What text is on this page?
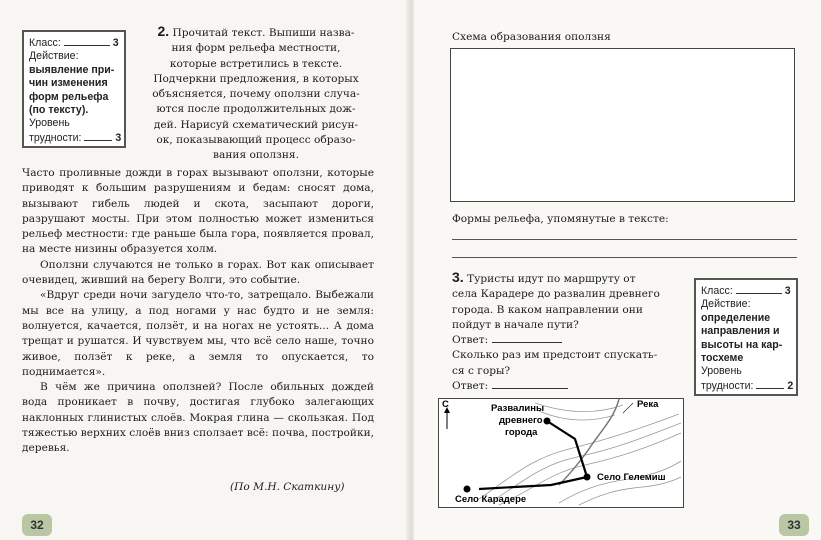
Класс:	3
Действие:
выявление при-
чин изменения
форм рельефа
(по тексту).
Уровень
трудности:	3
2. Прочитай текст. Выпиши назва-
ния форм рельефа местности,
которые встретились в тексте.
Подчеркни предложения, в которых
объясняется, почему оползни случа-
ются после продолжительных дож-
дей. Нарисуй схематический рисун-
ок, показывающий процесс образо-
вания оползня.

Часто проливные дожди в горах вызывают оползни, которые приводят к большим разрушениям и бедам: сносят дома, вызывают гибель людей и скота, засыпают дороги, разрушают мосты. При этом полностью может измениться рельеф местности: где раньше была гора, появляется провал, на месте низины образуется холм.

Оползни случаются не только в горах. Вот как описывает очевидец, живший на берегу Волги, это событие.

«Вдруг среди ночи загудело что-то, затрещало. Выбежали мы все на улицу, а под ногами у нас будто и не земля: волнуется, качается, ползёт, и на ногах не устоять... А дома трещат и рушатся. И чувствуем мы, что всё село наше, точно живое, ползёт к реке, а земля то опускается, то поднимается».

В чём же причина оползней? После обильных дождей вода проникает в почву, достигая глубоко залегающих наклонных глинистых слоёв. Мокрая глина — скользкая. Под тяжестью верхних слоёв вниз сползает всё: почва, постройки, деревья.

(По М.Н. Скаткину)
32
Схема образования оползня
Формы рельефа, упомянутые в тексте:
3. Туристы идут по маршруту от
села Карадере до развалин древнего
города. В каком направлении они
пойдут в начале пути?
Ответ:
Сколько раз им предстоит спускать-
ся с горы?
Ответ:
Класс:	3
Действие:
определение
направления и
высоты на кар-
тосхеме
Уровень
трудности:	2
С	Развалины
древнего
города
Река
Село Гелемиш
Село Карадере
33
